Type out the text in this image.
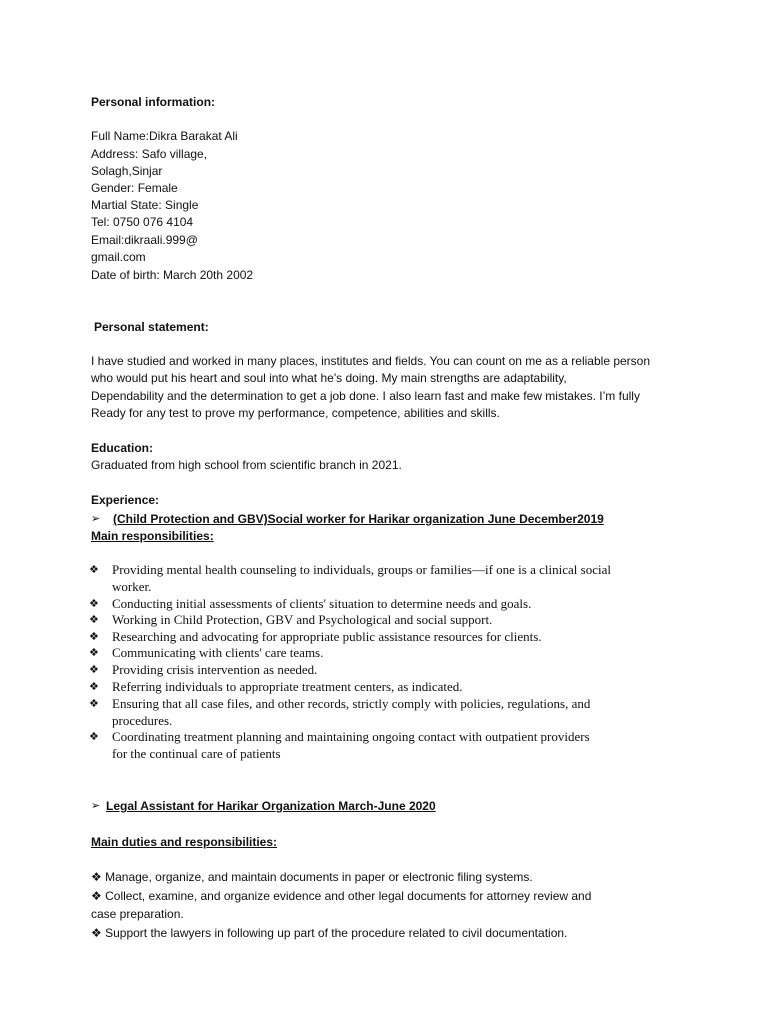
Personal information:
Full Name:Dikra Barakat Ali
Address: Safo village,
Solagh,Sinjar
Gender: Female
Martial State: Single
Tel: 0750 076 4104
Email:dikraali.999@
gmail.com
Date of birth: March 20th 2002
Personal statement:
I have studied and worked in many places, institutes and fields. You can count on me as a reliable person
who would put his heart and soul into what he's doing. My main strengths are adaptability,
Dependability and the determination to get a job done. I also learn fast and make few mistakes. I’m fully
Ready for any test to prove my performance, competence, abilities and skills.
Education:
Graduated from high school from scientific branch in 2021.
Experience:
➢ (Child Protection and GBV)Social worker for Harikar organization June December2019
Main responsibilities:
❖ Providing mental health counseling to individuals, groups or families—if one is a clinical social
worker.
❖ Conducting initial assessments of clients' situation to determine needs and goals.
❖ Working in Child Protection, GBV and Psychological and social support.
❖ Researching and advocating for appropriate public assistance resources for clients.
❖ Communicating with clients' care teams.
❖ Providing crisis intervention as needed.
❖ Referring individuals to appropriate treatment centers, as indicated.
❖ Ensuring that all case files, and other records, strictly comply with policies, regulations, and
procedures.
❖ Coordinating treatment planning and maintaining ongoing contact with outpatient providers
for the continual care of patients
➢ Legal Assistant for Harikar Organization March-June 2020
Main duties and responsibilities:
❖ Manage, organize, and maintain documents in paper or electronic filing systems.
❖ Collect, examine, and organize evidence and other legal documents for attorney review and
case preparation.
❖ Support the lawyers in following up part of the procedure related to civil documentation.
